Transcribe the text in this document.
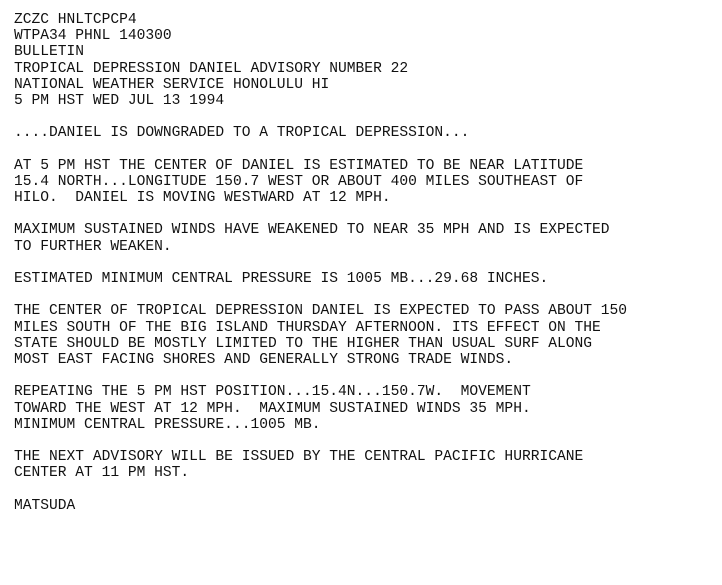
ZCZC HNLTCPCP4
WTPA34 PHNL 140300
BULLETIN
TROPICAL DEPRESSION DANIEL ADVISORY NUMBER 22
NATIONAL WEATHER SERVICE HONOLULU HI
5 PM HST WED JUL 13 1994
....DANIEL IS DOWNGRADED TO A TROPICAL DEPRESSION...
AT 5 PM HST THE CENTER OF DANIEL IS ESTIMATED TO BE NEAR LATITUDE
15.4 NORTH...LONGITUDE 150.7 WEST OR ABOUT 400 MILES SOUTHEAST OF
HILO.  DANIEL IS MOVING WESTWARD AT 12 MPH.
MAXIMUM SUSTAINED WINDS HAVE WEAKENED TO NEAR 35 MPH AND IS EXPECTED
TO FURTHER WEAKEN.
ESTIMATED MINIMUM CENTRAL PRESSURE IS 1005 MB...29.68 INCHES.
THE CENTER OF TROPICAL DEPRESSION DANIEL IS EXPECTED TO PASS ABOUT 150
MILES SOUTH OF THE BIG ISLAND THURSDAY AFTERNOON. ITS EFFECT ON THE
STATE SHOULD BE MOSTLY LIMITED TO THE HIGHER THAN USUAL SURF ALONG
MOST EAST FACING SHORES AND GENERALLY STRONG TRADE WINDS.
REPEATING THE 5 PM HST POSITION...15.4N...150.7W.  MOVEMENT
TOWARD THE WEST AT 12 MPH.  MAXIMUM SUSTAINED WINDS 35 MPH.
MINIMUM CENTRAL PRESSURE...1005 MB.
THE NEXT ADVISORY WILL BE ISSUED BY THE CENTRAL PACIFIC HURRICANE
CENTER AT 11 PM HST.
MATSUDA
